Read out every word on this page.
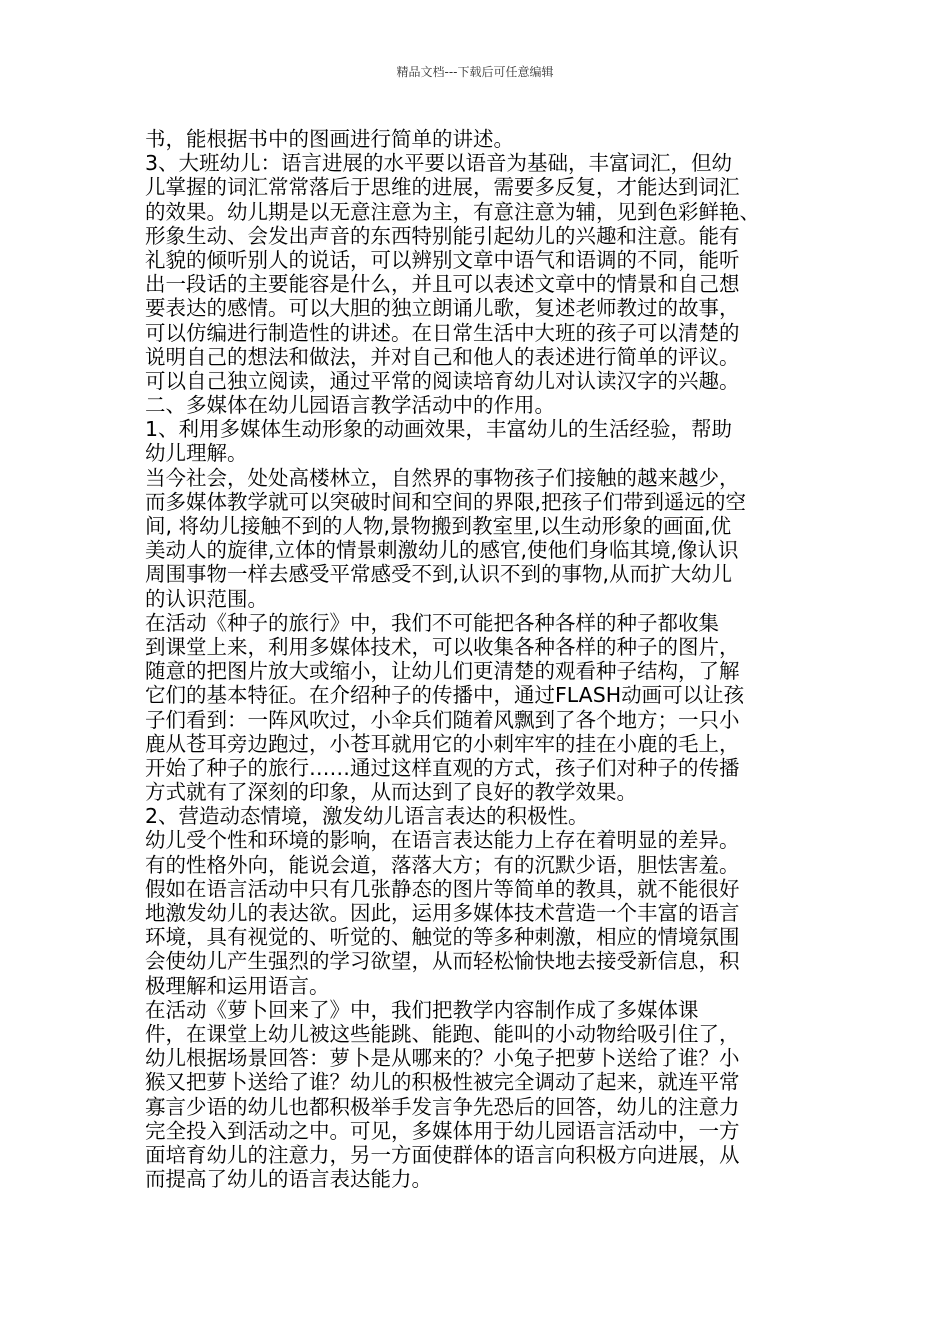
精品文档---下载后可任意编辑
书，能根据书中的图画进行简单的讲述。
3、大班幼儿：语言进展的水平要以语音为基础，丰富词汇，但幼
儿掌握的词汇常常落后于思维的进展，需要多反复，才能达到词汇
的效果。幼儿期是以无意注意为主，有意注意为辅，见到色彩鲜艳、
形象生动、会发出声音的东西特别能引起幼儿的兴趣和注意。能有
礼貌的倾听别人的说话，可以辨别文章中语气和语调的不同，能听
出一段话的主要能容是什么，并且可以表述文章中的情景和自己想
要表达的感情。可以大胆的独立朗诵儿歌，复述老师教过的故事，
可以仿编进行制造性的讲述。在日常生活中大班的孩子可以清楚的
说明自己的想法和做法，并对自己和他人的表述进行简单的评议。
可以自己独立阅读，通过平常的阅读培育幼儿对认读汉字的兴趣。
二、多媒体在幼儿园语言教学活动中的作用。
1、利用多媒体生动形象的动画效果，丰富幼儿的生活经验，帮助
幼儿理解。
当今社会，处处高楼林立，自然界的事物孩子们接触的越来越少，
而多媒体教学就可以突破时间和空间的界限,把孩子们带到遥远的空
间, 将幼儿接触不到的人物,景物搬到教室里,以生动形象的画面,优
美动人的旋律,立体的情景刺激幼儿的感官,使他们身临其境,像认识
周围事物一样去感受平常感受不到,认识不到的事物,从而扩大幼儿
的认识范围。
在活动《种子的旅行》中，我们不可能把各种各样的种子都收集
到课堂上来，利用多媒体技术，可以收集各种各样的种子的图片，
随意的把图片放大或缩小，让幼儿们更清楚的观看种子结构，了解
它们的基本特征。在介绍种子的传播中，通过FLASH动画可以让孩
子们看到：一阵风吹过，小伞兵们随着风飘到了各个地方；一只小
鹿从苍耳旁边跑过，小苍耳就用它的小刺牢牢的挂在小鹿的毛上，
开始了种子的旅行……通过这样直观的方式，孩子们对种子的传播
方式就有了深刻的印象，从而达到了良好的教学效果。
2、营造动态情境，激发幼儿语言表达的积极性。
幼儿受个性和环境的影响，在语言表达能力上存在着明显的差异。
有的性格外向，能说会道，落落大方；有的沉默少语，胆怯害羞。
假如在语言活动中只有几张静态的图片等简单的教具，就不能很好
地激发幼儿的表达欲。因此，运用多媒体技术营造一个丰富的语言
环境，具有视觉的、听觉的、触觉的等多种刺激，相应的情境氛围
会使幼儿产生强烈的学习欲望，从而轻松愉快地去接受新信息，积
极理解和运用语言。
在活动《萝卜回来了》中，我们把教学内容制作成了多媒体课
件，在课堂上幼儿被这些能跳、能跑、能叫的小动物给吸引住了，
幼儿根据场景回答：萝卜是从哪来的？小兔子把萝卜送给了谁？小
猴又把萝卜送给了谁？幼儿的积极性被完全调动了起来，就连平常
寡言少语的幼儿也都积极举手发言争先恐后的回答，幼儿的注意力
完全投入到活动之中。可见，多媒体用于幼儿园语言活动中，一方
面培育幼儿的注意力，另一方面使群体的语言向积极方向进展，从
而提高了幼儿的语言表达能力。
